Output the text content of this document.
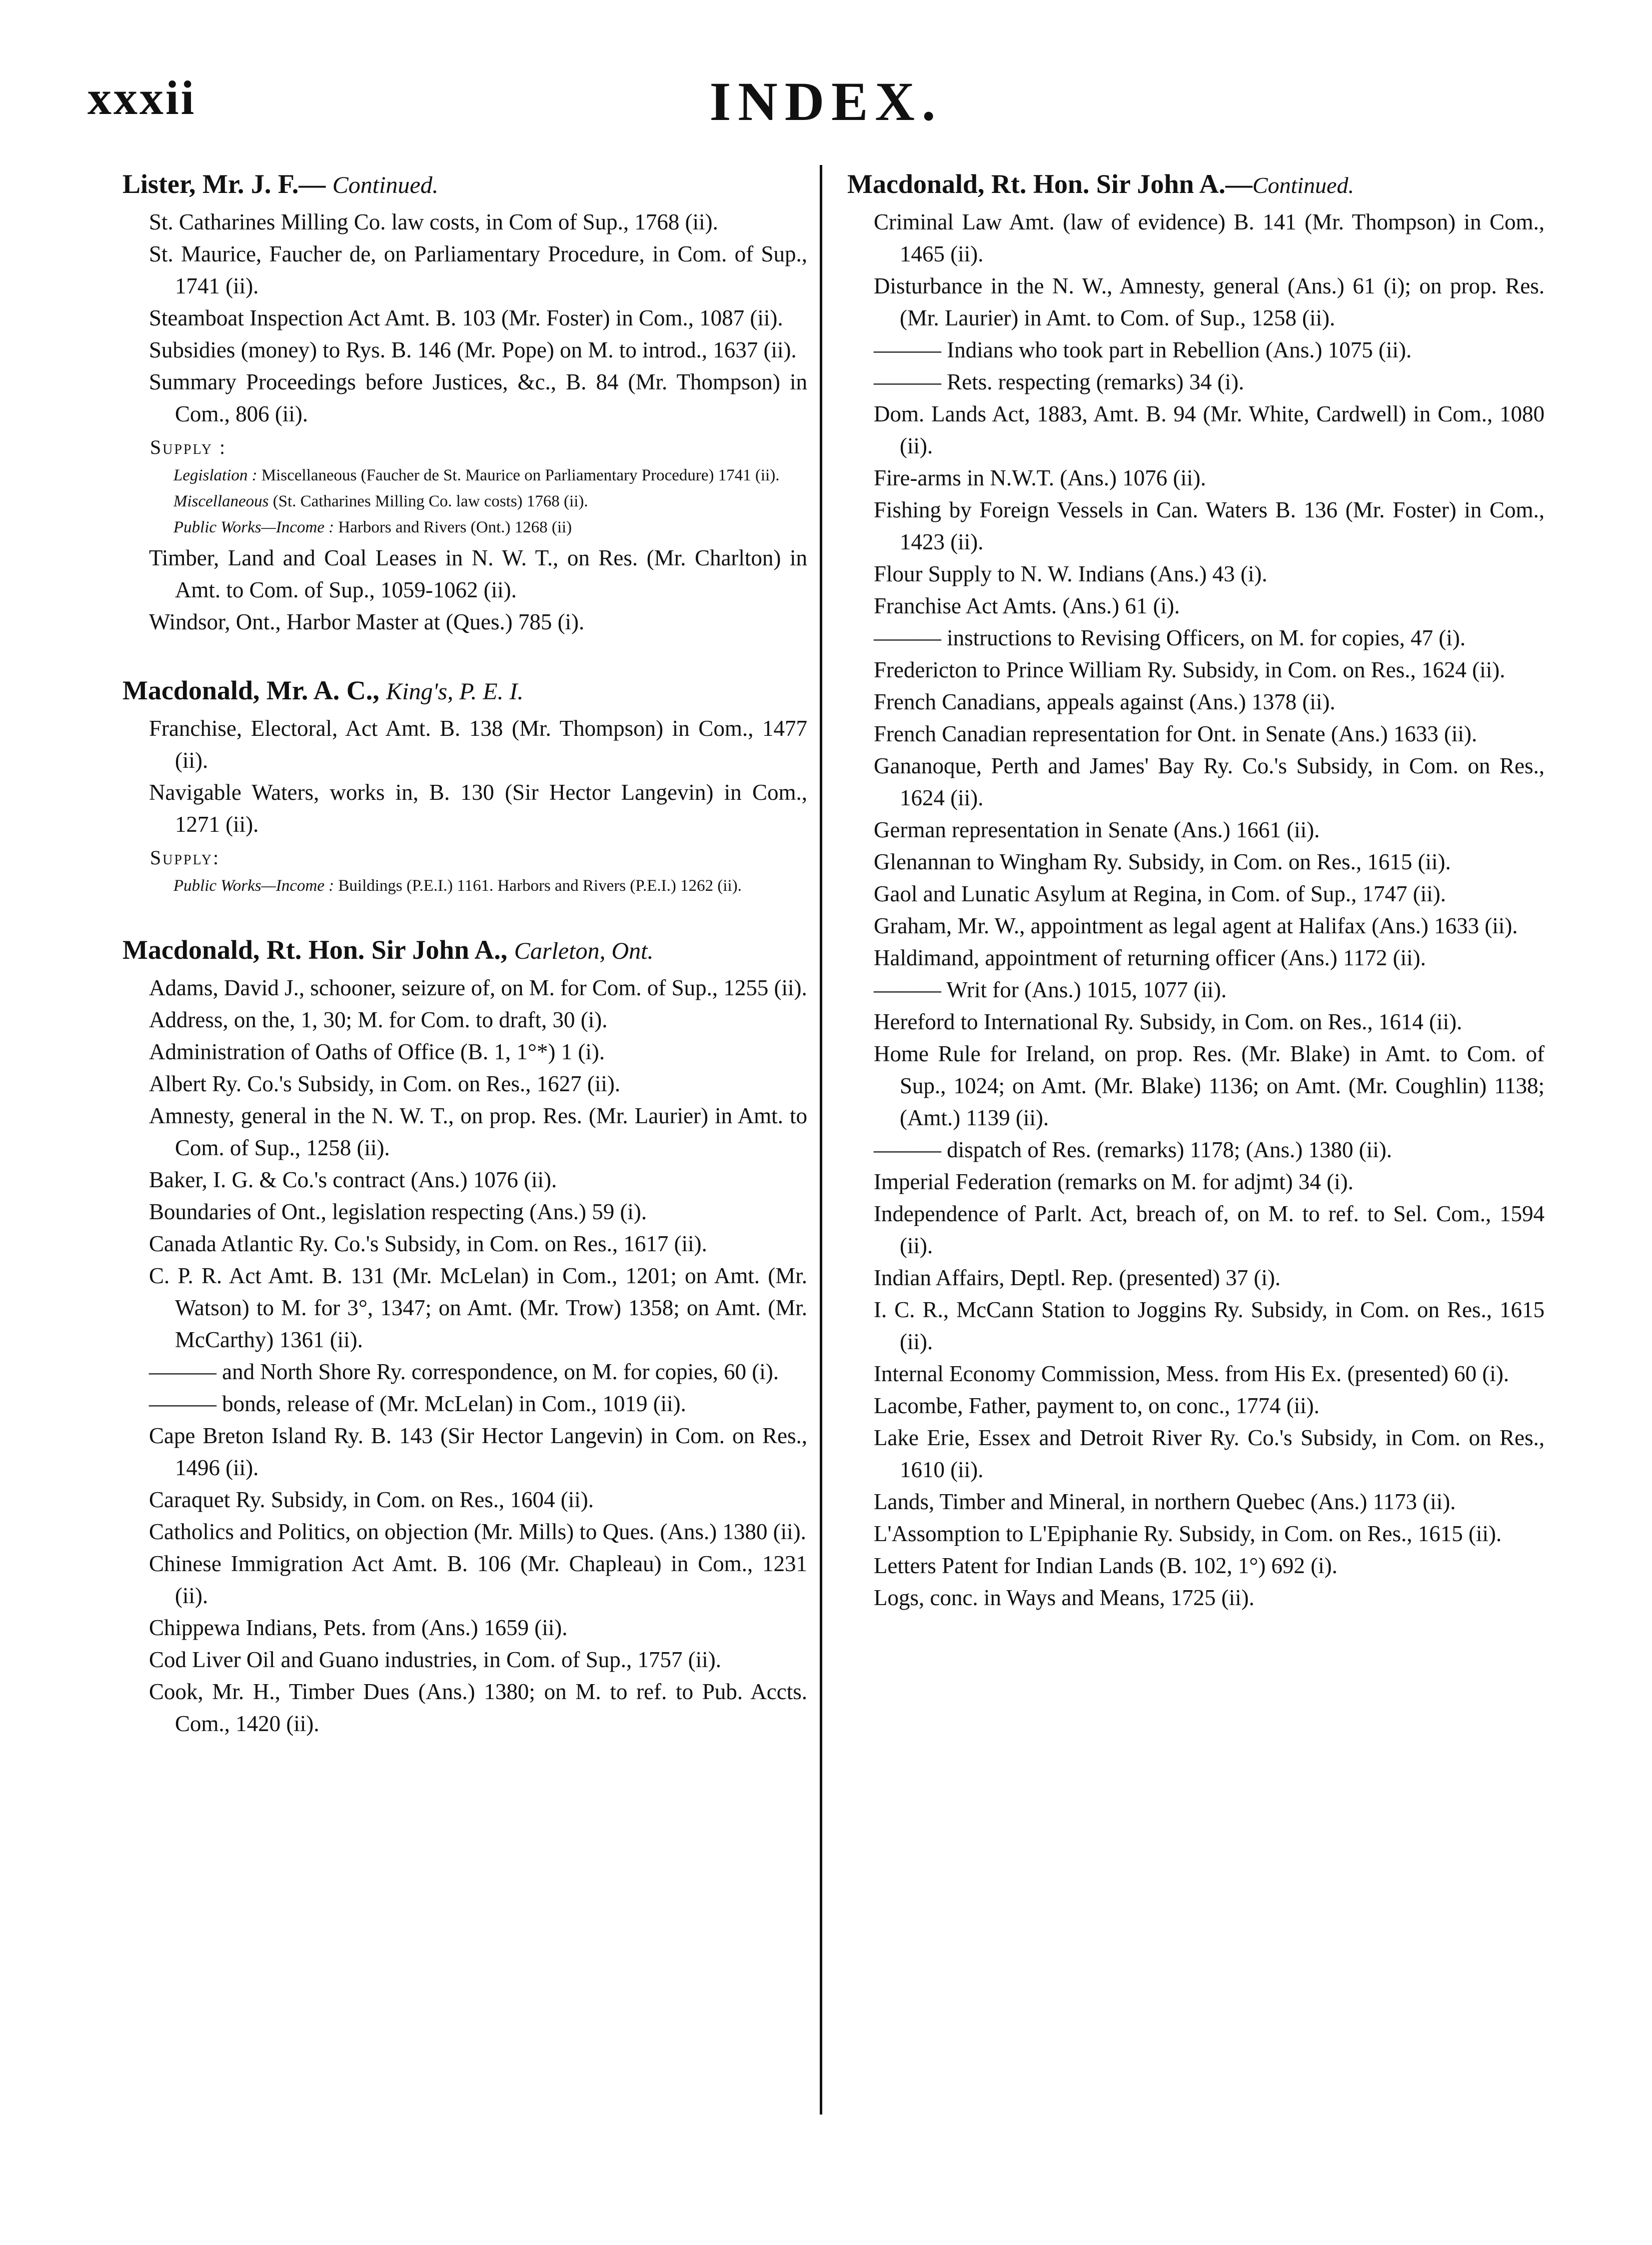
xxxii	INDEX.
Lister, Mr. J. F.— Continued.

St. Catharines Milling Co. law costs, in Com of Sup., 1768 (ii).

St. Maurice, Faucher de, on Parliamentary Procedure, in Com. of Sup., 1741 (ii).

Steamboat Inspection Act Amt. B. 103 (Mr. Foster) in Com., 1087 (ii).

Subsidies (money) to Rys. B. 146 (Mr. Pope) on M. to introd., 1637 (ii).

Summary Proceedings before Justices, &c., B. 84 (Mr. Thompson) in Com., 806 (ii).

Supply :

Legislation : Miscellaneous (Faucher de St. Maurice on Parliamentary Procedure) 1741 (ii).

Miscellaneous (St. Catharines Milling Co. law costs) 1768 (ii).

Public Works—Income : Harbors and Rivers (Ont.) 1268 (ii)

Timber, Land and Coal Leases in N. W. T., on Res. (Mr. Charlton) in Amt. to Com. of Sup., 1059-1062 (ii).

Windsor, Ont., Harbor Master at (Ques.) 785 (i).

Macdonald, Mr. A. C., King's, P. E. I.

Franchise, Electoral, Act Amt. B. 138 (Mr. Thompson) in Com., 1477 (ii).

Navigable Waters, works in, B. 130 (Sir Hector Langevin) in Com., 1271 (ii).

Supply:

Public Works—Income : Buildings (P.E.I.) 1161. Harbors and Rivers (P.E.I.) 1262 (ii).

Macdonald, Rt. Hon. Sir John A., Carleton, Ont.

Adams, David J., schooner, seizure of, on M. for Com. of Sup., 1255 (ii).

Address, on the, 1, 30; M. for Com. to draft, 30 (i).

Administration of Oaths of Office (B. 1, 1°*) 1 (i).

Albert Ry. Co.'s Subsidy, in Com. on Res., 1627 (ii).

Amnesty, general in the N. W. T., on prop. Res. (Mr. Laurier) in Amt. to Com. of Sup., 1258 (ii).

Baker, I. G. & Co.'s contract (Ans.) 1076 (ii).

Boundaries of Ont., legislation respecting (Ans.) 59 (i).

Canada Atlantic Ry. Co.'s Subsidy, in Com. on Res., 1617 (ii).

C. P. R. Act Amt. B. 131 (Mr. McLelan) in Com., 1201; on Amt. (Mr. Watson) to M. for 3°, 1347; on Amt. (Mr. Trow) 1358; on Amt. (Mr. McCarthy) 1361 (ii).

——— and North Shore Ry. correspondence, on M. for copies, 60 (i).

——— bonds, release of (Mr. McLelan) in Com., 1019 (ii).

Cape Breton Island Ry. B. 143 (Sir Hector Langevin) in Com. on Res., 1496 (ii).

Caraquet Ry. Subsidy, in Com. on Res., 1604 (ii).

Catholics and Politics, on objection (Mr. Mills) to Ques. (Ans.) 1380 (ii).

Chinese Immigration Act Amt. B. 106 (Mr. Chapleau) in Com., 1231 (ii).

Chippewa Indians, Pets. from (Ans.) 1659 (ii).

Cod Liver Oil and Guano industries, in Com. of Sup., 1757 (ii).

Cook, Mr. H., Timber Dues (Ans.) 1380; on M. to ref. to Pub. Accts. Com., 1420 (ii).

Macdonald, Rt. Hon. Sir John A.—Continued.

Criminal Law Amt. (law of evidence) B. 141 (Mr. Thompson) in Com., 1465 (ii).

Disturbance in the N. W., Amnesty, general (Ans.) 61 (i); on prop. Res. (Mr. Laurier) in Amt. to Com. of Sup., 1258 (ii).

——— Indians who took part in Rebellion (Ans.) 1075 (ii).

——— Rets. respecting (remarks) 34 (i).

Dom. Lands Act, 1883, Amt. B. 94 (Mr. White, Cardwell) in Com., 1080 (ii).

Fire-arms in N.W.T. (Ans.) 1076 (ii).

Fishing by Foreign Vessels in Can. Waters B. 136 (Mr. Foster) in Com., 1423 (ii).

Flour Supply to N. W. Indians (Ans.) 43 (i).

Franchise Act Amts. (Ans.) 61 (i).

——— instructions to Revising Officers, on M. for copies, 47 (i).

Fredericton to Prince William Ry. Subsidy, in Com. on Res., 1624 (ii).

French Canadians, appeals against (Ans.) 1378 (ii).

French Canadian representation for Ont. in Senate (Ans.) 1633 (ii).

Gananoque, Perth and James' Bay Ry. Co.'s Subsidy, in Com. on Res., 1624 (ii).

German representation in Senate (Ans.) 1661 (ii).

Glenannan to Wingham Ry. Subsidy, in Com. on Res., 1615 (ii).

Gaol and Lunatic Asylum at Regina, in Com. of Sup., 1747 (ii).

Graham, Mr. W., appointment as legal agent at Halifax (Ans.) 1633 (ii).

Haldimand, appointment of returning officer (Ans.) 1172 (ii).

——— Writ for (Ans.) 1015, 1077 (ii).

Hereford to International Ry. Subsidy, in Com. on Res., 1614 (ii).

Home Rule for Ireland, on prop. Res. (Mr. Blake) in Amt. to Com. of Sup., 1024; on Amt. (Mr. Blake) 1136; on Amt. (Mr. Coughlin) 1138; (Amt.) 1139 (ii).

——— dispatch of Res. (remarks) 1178; (Ans.) 1380 (ii).

Imperial Federation (remarks on M. for adjmt) 34 (i).

Independence of Parlt. Act, breach of, on M. to ref. to Sel. Com., 1594 (ii).

Indian Affairs, Deptl. Rep. (presented) 37 (i).

I. C. R., McCann Station to Joggins Ry. Subsidy, in Com. on Res., 1615 (ii).

Internal Economy Commission, Mess. from His Ex. (presented) 60 (i).

Lacombe, Father, payment to, on conc., 1774 (ii).

Lake Erie, Essex and Detroit River Ry. Co.'s Subsidy, in Com. on Res., 1610 (ii).

Lands, Timber and Mineral, in northern Quebec (Ans.) 1173 (ii).

L'Assomption to L'Epiphanie Ry. Subsidy, in Com. on Res., 1615 (ii).

Letters Patent for Indian Lands (B. 102, 1°) 692 (i).

Logs, conc. in Ways and Means, 1725 (ii).
